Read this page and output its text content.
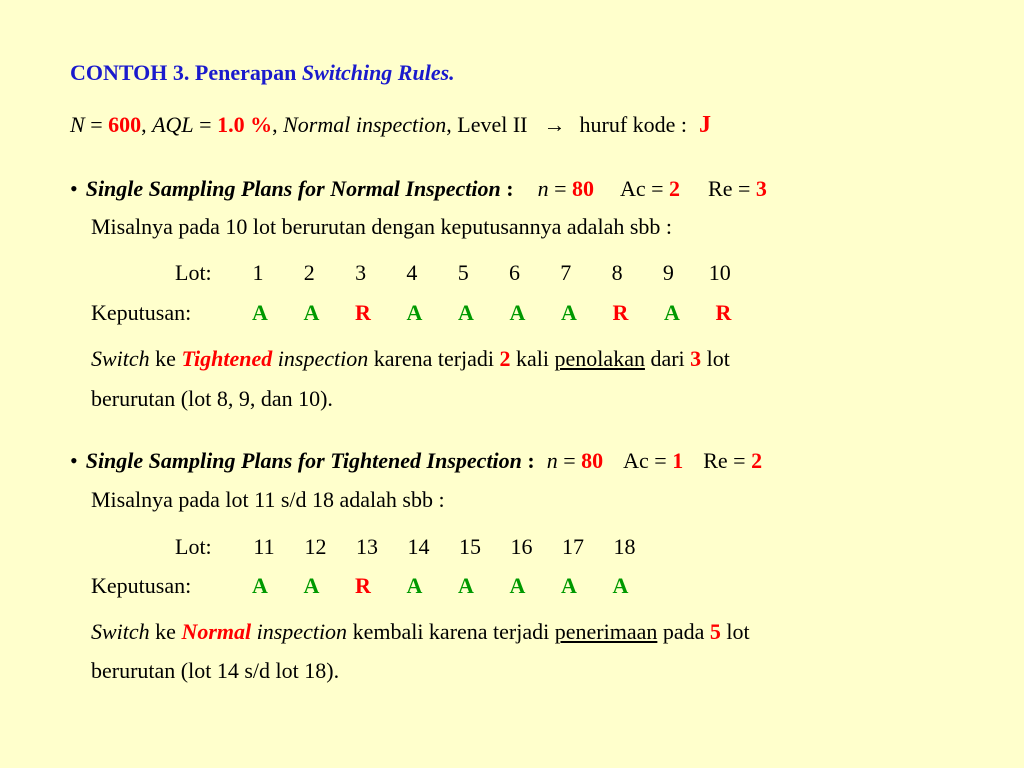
CONTOH 3. Penerapan Switching Rules.
N = 600, AQL = 1.0 %, Normal inspection, Level II → huruf kode : J
• Single Sampling Plans for Normal Inspection : n = 80 Ac = 2 Re = 3
Misalnya pada 10 lot berurutan dengan keputusannya adalah sbb :
Lot:	1	2	3	4	5	6	7	8	9	10
Keputusan:	A	A	R	A	A	A	A	R	A	R
Switch ke Tightened inspection karena terjadi 2 kali penolakan dari 3 lot
berurutan (lot 8, 9, dan 10).
• Single Sampling Plans for Tightened Inspection : n = 80 Ac = 1 Re = 2
Misalnya pada lot 11 s/d 18 adalah sbb :
Lot:	11	12	13	14	15	16	17	18
Keputusan:	A	A	R	A	A	A	A	A
Switch ke Normal inspection kembali karena terjadi penerimaan pada 5 lot
berurutan (lot 14 s/d lot 18).
